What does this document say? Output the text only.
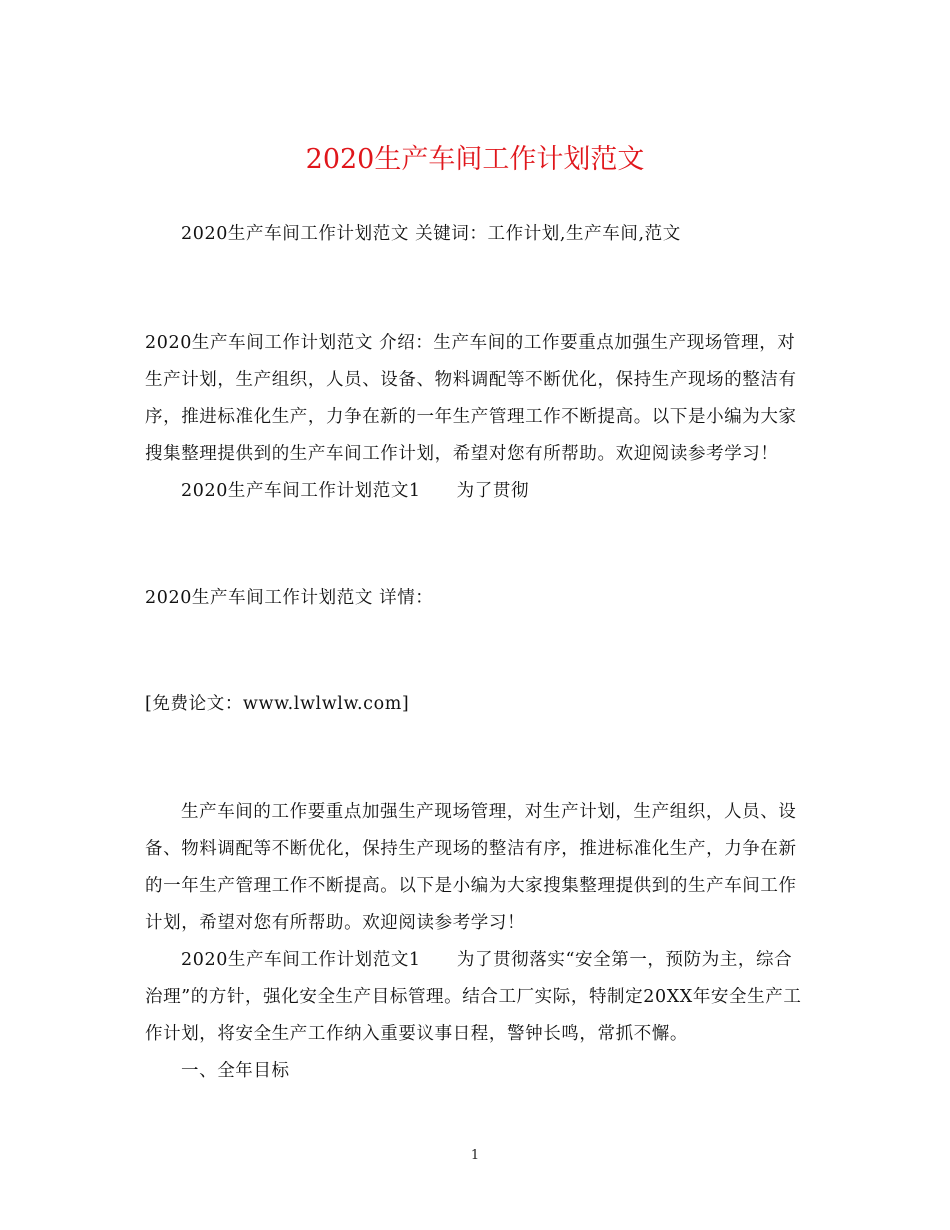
2020生产车间工作计划范文
2020生产车间工作计划范文 关键词：工作计划,生产车间,范文
2020生产车间工作计划范文 介绍：生产车间的工作要重点加强生产现场管理，对生产计划，生产组织，人员、设备、物料调配等不断优化，保持生产现场的整洁有序，推进标准化生产，力争在新的一年生产管理工作不断提高。以下是小编为大家搜集整理提供到的生产车间工作计划，希望对您有所帮助。欢迎阅读参考学习！2020生产车间工作计划范文1 为了贯彻
2020生产车间工作计划范文 详情：
[免费论文：www.lwlwlw.com]

生产车间的工作要重点加强生产现场管理，对生产计划，生产组织，人员、设备、物料调配等不断优化，保持生产现场的整洁有序，推进标准化生产，力争在新的一年生产管理工作不断提高。以下是小编为大家搜集整理提供到的生产车间工作计划，希望对您有所帮助。欢迎阅读参考学习！

2020生产车间工作计划范文1　　为了贯彻落实“安全第一，预防为主，综合治理”的方针，强化安全生产目标管理。结合工厂实际，特制定20XX年安全生产工作计划，将安全生产工作纳入重要议事日程，警钟长鸣，常抓不懈。

一、全年目标

1
